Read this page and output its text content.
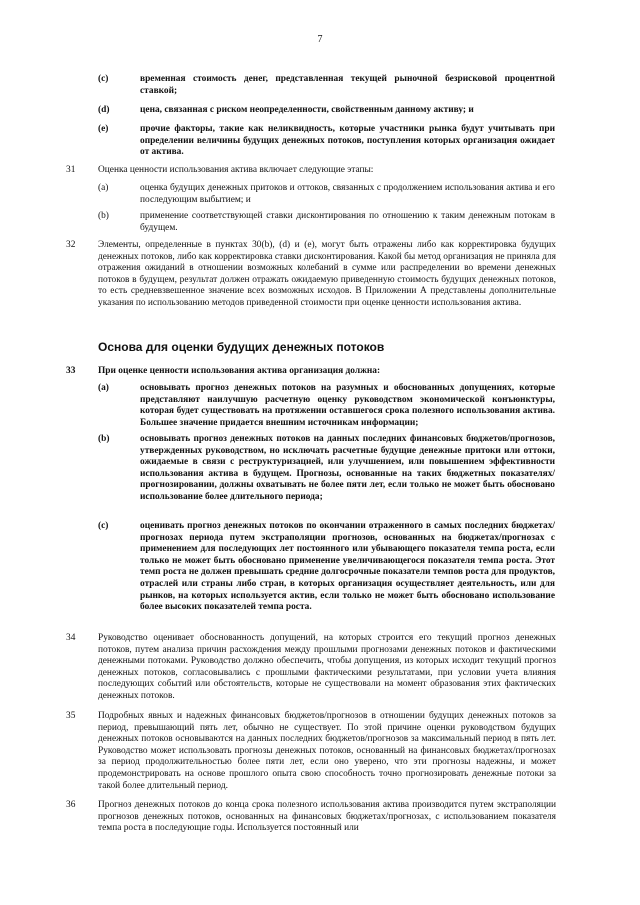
7
(c)	временная стоимость денег, представленная текущей рыночной безрисковой процентной ставкой;
(d)	цена, связанная с риском неопределенности, свойственным данному активу; и
(e)	прочие факторы, такие как неликвидность, которые участники рынка будут учитывать при определении величины будущих денежных потоков, поступления которых организация ожидает от актива.
31 Оценка ценности использования актива включает следующие этапы:
(a)	оценка будущих денежных притоков и оттоков, связанных с продолжением использования актива и его последующим выбытием; и
(b)	применение соответствующей ставки дисконтирования по отношению к таким денежным потокам в будущем.
32 Элементы, определенные в пунктах 30(b), (d) и (e), могут быть отражены либо как корректировка будущих денежных потоков, либо как корректировка ставки дисконтирования. Какой бы метод организация не приняла для отражения ожиданий в отношении возможных колебаний в сумме или распределении во времени денежных потоков в будущем, результат должен отражать ожидаемую приведенную стоимость будущих денежных потоков, то есть средневзвешенное значение всех возможных исходов. В Приложении А представлены дополнительные указания по использованию методов приведенной стоимости при оценке ценности использования актива.
Основа для оценки будущих денежных потоков
33 При оценке ценности использования актива организация должна:
(a)	основывать прогноз денежных потоков на разумных и обоснованных допущениях, которые представляют наилучшую расчетную оценку руководством экономической конъюнктуры, которая будет существовать на протяжении оставшегося срока полезного использования актива. Большее значение придается внешним источникам информации;
(b)	основывать прогноз денежных потоков на данных последних финансовых бюджетов/прогнозов, утвержденных руководством, но исключать расчетные будущие денежные притоки или оттоки, ожидаемые в связи с реструктуризацией, или улучшением, или повышением эффективности использования актива в будущем. Прогнозы, основанные на таких бюджетных показателях/прогнозировании, должны охватывать не более пяти лет, если только не может быть обосновано использование более длительного периода;
(c)	оценивать прогноз денежных потоков по окончании отраженного в самых последних бюджетах/прогнозах периода путем экстраполяции прогнозов, основанных на бюджетах/прогнозах с применением для последующих лет постоянного или убывающего показателя темпа роста, если только не может быть обосновано применение увеличивающегося показателя темпа роста. Этот темп роста не должен превышать средние долгосрочные показатели темпов роста для продуктов, отраслей или страны либо стран, в которых организация осуществляет деятельность, или для рынков, на которых используется актив, если только не может быть обосновано использование более высоких показателей темпа роста.
34 Руководство оценивает обоснованность допущений, на которых строится его текущий прогноз денежных потоков, путем анализа причин расхождения между прошлыми прогнозами денежных потоков и фактическими денежными потоками. Руководство должно обеспечить, чтобы допущения, из которых исходит текущий прогноз денежных потоков, согласовывались с прошлыми фактическими результатами, при условии учета влияния последующих событий или обстоятельств, которые не существовали на момент образования этих фактических денежных потоков.
35 Подробных явных и надежных финансовых бюджетов/прогнозов в отношении будущих денежных потоков за период, превышающий пять лет, обычно не существует. По этой причине оценки руководством будущих денежных потоков основываются на данных последних бюджетов/прогнозов за максимальный период в пять лет. Руководство может использовать прогнозы денежных потоков, основанный на финансовых бюджетах/прогнозах за период продолжительностью более пяти лет, если оно уверено, что эти прогнозы надежны, и может продемонстрировать на основе прошлого опыта свою способность точно прогнозировать денежные потоки за такой более длительный период.
36 Прогноз денежных потоков до конца срока полезного использования актива производится путем экстраполяции прогнозов денежных потоков, основанных на финансовых бюджетах/прогнозах, с использованием показателя темпа роста в последующие годы. Используется постоянный или
